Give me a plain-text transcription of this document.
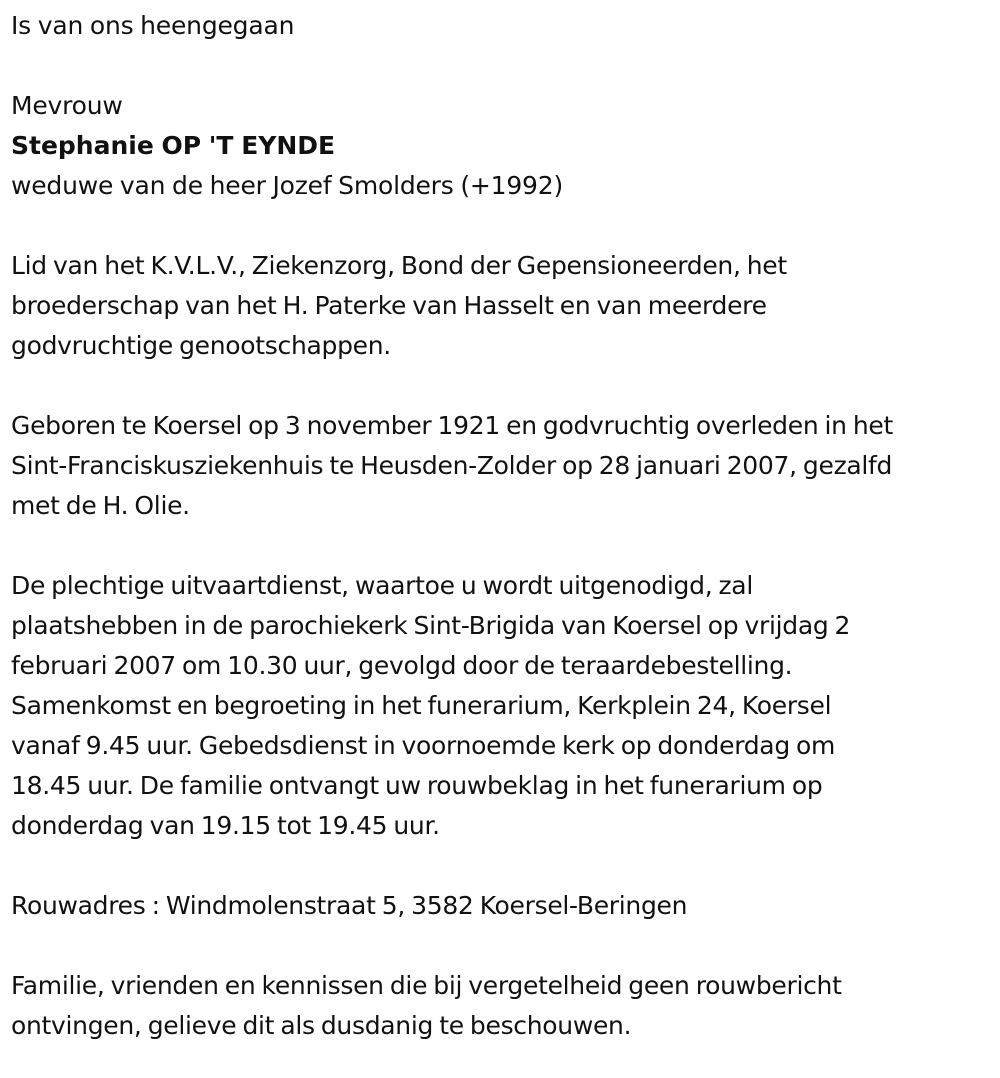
Is van ons heengegaan
Mevrouw
Stephanie OP 'T EYNDE
weduwe van de heer Jozef Smolders (+1992)
Lid van het K.V.L.V., Ziekenzorg, Bond der Gepensioneerden, het
broederschap van het H. Paterke van Hasselt en van meerdere
godvruchtige genootschappen.
Geboren te Koersel op 3 november 1921 en godvruchtig overleden in het
Sint-Franciskusziekenhuis te Heusden-Zolder op 28 januari 2007, gezalfd
met de H. Olie.
De plechtige uitvaartdienst, waartoe u wordt uitgenodigd, zal
plaatshebben in de parochiekerk Sint-Brigida van Koersel op vrijdag 2
februari 2007 om 10.30 uur, gevolgd door de teraardebestelling.
Samenkomst en begroeting in het funerarium, Kerkplein 24, Koersel
vanaf 9.45 uur. Gebedsdienst in voornoemde kerk op donderdag om
18.45 uur. De familie ontvangt uw rouwbeklag in het funerarium op
donderdag van 19.15 tot 19.45 uur.
Rouwadres : Windmolenstraat 5, 3582 Koersel-Beringen
Familie, vrienden en kennissen die bij vergetelheid geen rouwbericht
ontvingen, gelieve dit als dusdanig te beschouwen.
